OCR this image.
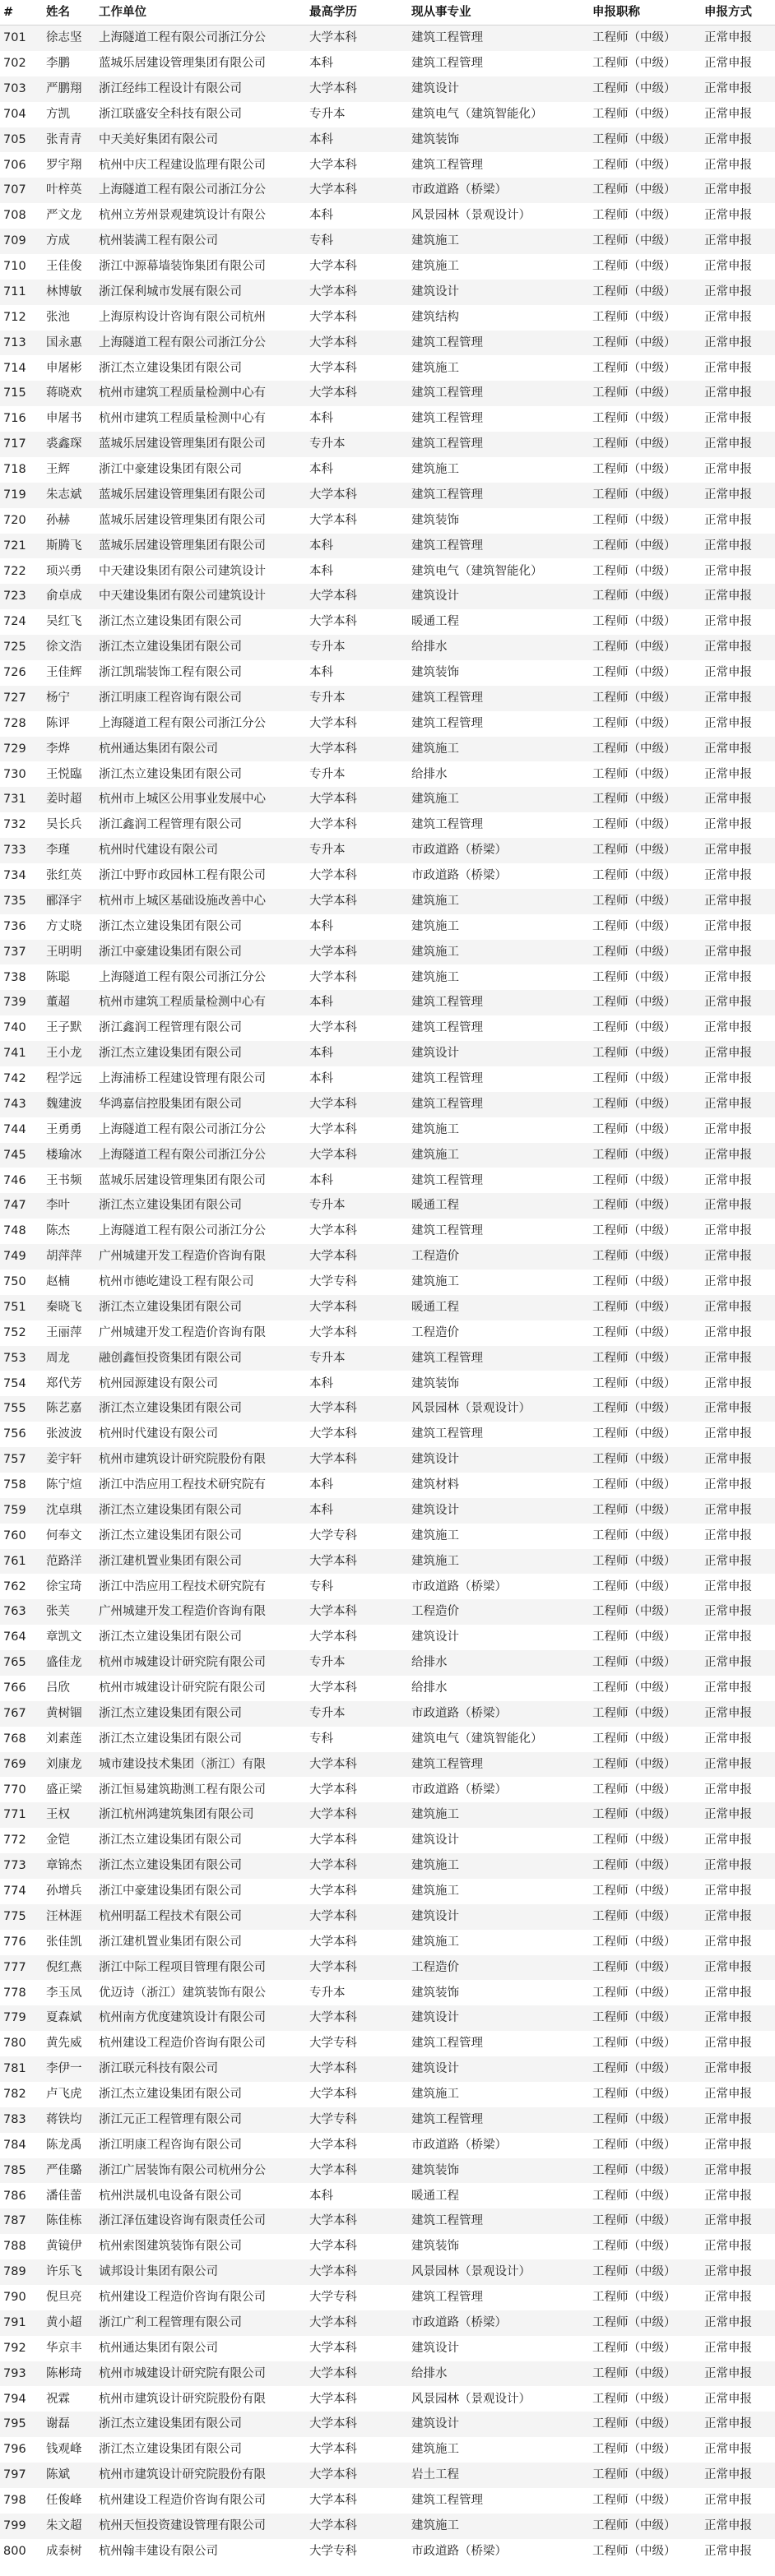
#	姓名	工作单位	最高学历	现从事专业	申报职称	申报方式
701	徐志坚	上海隧道工程有限公司浙江分公	大学本科	建筑工程管理	工程师（中级）	正常申报
702	李鹏	蓝城乐居建设管理集团有限公司	本科	建筑工程管理	工程师（中级）	正常申报
703	严鹏翔	浙江经纬工程设计有限公司	大学本科	建筑设计	工程师（中级）	正常申报
704	方凯	浙江联盛安全科技有限公司	专升本	建筑电气（建筑智能化）	工程师（中级）	正常申报
705	张青青	中天美好集团有限公司	本科	建筑装饰	工程师（中级）	正常申报
706	罗宇翔	杭州中庆工程建设监理有限公司	大学本科	建筑工程管理	工程师（中级）	正常申报
707	叶梓英	上海隧道工程有限公司浙江分公	大学本科	市政道路（桥梁）	工程师（中级）	正常申报
708	严文龙	杭州立芳州景观建筑设计有限公	本科	风景园林（景观设计）	工程师（中级）	正常申报
709	方成	杭州装满工程有限公司	专科	建筑施工	工程师（中级）	正常申报
710	王佳俊	浙江中源幕墙装饰集团有限公司	大学本科	建筑施工	工程师（中级）	正常申报
711	林博敏	浙江保利城市发展有限公司	大学本科	建筑设计	工程师（中级）	正常申报
712	张池	上海原构设计咨询有限公司杭州	大学本科	建筑结构	工程师（中级）	正常申报
713	国永惠	上海隧道工程有限公司浙江分公	大学本科	建筑工程管理	工程师（中级）	正常申报
714	申屠彬	浙江杰立建设集团有限公司	大学本科	建筑施工	工程师（中级）	正常申报
715	蒋晓欢	杭州市建筑工程质量检测中心有	大学本科	建筑工程管理	工程师（中级）	正常申报
716	申屠书	杭州市建筑工程质量检测中心有	本科	建筑工程管理	工程师（中级）	正常申报
717	裘鑫琛	蓝城乐居建设管理集团有限公司	专升本	建筑工程管理	工程师（中级）	正常申报
718	王辉	浙江中豪建设集团有限公司	本科	建筑施工	工程师（中级）	正常申报
719	朱志斌	蓝城乐居建设管理集团有限公司	大学本科	建筑工程管理	工程师（中级）	正常申报
720	孙赫	蓝城乐居建设管理集团有限公司	大学本科	建筑装饰	工程师（中级）	正常申报
721	斯腾飞	蓝城乐居建设管理集团有限公司	本科	建筑工程管理	工程师（中级）	正常申报
722	顼兴勇	中天建设集团有限公司建筑设计	本科	建筑电气（建筑智能化）	工程师（中级）	正常申报
723	俞卓成	中天建设集团有限公司建筑设计	大学本科	建筑设计	工程师（中级）	正常申报
724	吴红飞	浙江杰立建设集团有限公司	大学本科	暖通工程	工程师（中级）	正常申报
725	徐文浩	浙江杰立建设集团有限公司	专升本	给排水	工程师（中级）	正常申报
726	王佳辉	浙江凯瑞装饰工程有限公司	本科	建筑装饰	工程师（中级）	正常申报
727	杨宁	浙江明康工程咨询有限公司	专升本	建筑工程管理	工程师（中级）	正常申报
728	陈评	上海隧道工程有限公司浙江分公	大学本科	建筑工程管理	工程师（中级）	正常申报
729	李烨	杭州通达集团有限公司	大学本科	建筑施工	工程师（中级）	正常申报
730	王悦臨	浙江杰立建设集团有限公司	专升本	给排水	工程师（中级）	正常申报
731	姜时超	杭州市上城区公用事业发展中心	大学本科	建筑施工	工程师（中级）	正常申报
732	吴长兵	浙江鑫润工程管理有限公司	大学本科	建筑工程管理	工程师（中级）	正常申报
733	李瑾	杭州时代建设有限公司	专升本	市政道路（桥梁）	工程师（中级）	正常申报
734	张红英	浙江中野市政园林工程有限公司	大学本科	市政道路（桥梁）	工程师（中级）	正常申报
735	郦泽宇	杭州市上城区基础设施改善中心	大学本科	建筑施工	工程师（中级）	正常申报
736	方丈晓	浙江杰立建设集团有限公司	本科	建筑施工	工程师（中级）	正常申报
737	王明明	浙江中豪建设集团有限公司	大学本科	建筑施工	工程师（中级）	正常申报
738	陈聪	上海隧道工程有限公司浙江分公	大学本科	建筑施工	工程师（中级）	正常申报
739	董超	杭州市建筑工程质量检测中心有	本科	建筑工程管理	工程师（中级）	正常申报
740	王子默	浙江鑫润工程管理有限公司	大学本科	建筑工程管理	工程师（中级）	正常申报
741	王小龙	浙江杰立建设集团有限公司	本科	建筑设计	工程师（中级）	正常申报
742	程学远	上海浦桥工程建设管理有限公司	本科	建筑工程管理	工程师（中级）	正常申报
743	魏建波	华鸿嘉信控股集团有限公司	大学本科	建筑工程管理	工程师（中级）	正常申报
744	王勇勇	上海隧道工程有限公司浙江分公	大学本科	建筑施工	工程师（中级）	正常申报
745	楼瑜冰	上海隧道工程有限公司浙江分公	大学本科	建筑施工	工程师（中级）	正常申报
746	王书频	蓝城乐居建设管理集团有限公司	本科	建筑工程管理	工程师（中级）	正常申报
747	李叶	浙江杰立建设集团有限公司	专升本	暖通工程	工程师（中级）	正常申报
748	陈杰	上海隧道工程有限公司浙江分公	大学本科	建筑工程管理	工程师（中级）	正常申报
749	胡萍萍	广州城建开发工程造价咨询有限	大学本科	工程造价	工程师（中级）	正常申报
750	赵楠	杭州市德屹建设工程有限公司	大学专科	建筑施工	工程师（中级）	正常申报
751	秦晓飞	浙江杰立建设集团有限公司	大学本科	暖通工程	工程师（中级）	正常申报
752	王丽萍	广州城建开发工程造价咨询有限	大学本科	工程造价	工程师（中级）	正常申报
753	周龙	融创鑫恒投资集团有限公司	专升本	建筑工程管理	工程师（中级）	正常申报
754	郑代芳	杭州园源建设有限公司	本科	建筑装饰	工程师（中级）	正常申报
755	陈艺嘉	浙江杰立建设集团有限公司	大学本科	风景园林（景观设计）	工程师（中级）	正常申报
756	张波波	杭州时代建设有限公司	大学本科	建筑工程管理	工程师（中级）	正常申报
757	姜宇轩	杭州市建筑设计研究院股份有限	大学本科	建筑设计	工程师（中级）	正常申报
758	陈宁煊	浙江中浩应用工程技术研究院有	本科	建筑材料	工程师（中级）	正常申报
759	沈卓琪	浙江杰立建设集团有限公司	本科	建筑设计	工程师（中级）	正常申报
760	何奉文	浙江杰立建设集团有限公司	大学专科	建筑施工	工程师（中级）	正常申报
761	范路洋	浙江建机置业集团有限公司	大学本科	建筑施工	工程师（中级）	正常申报
762	徐宝琦	浙江中浩应用工程技术研究院有	专科	市政道路（桥梁）	工程师（中级）	正常申报
763	张芙	广州城建开发工程造价咨询有限	大学本科	工程造价	工程师（中级）	正常申报
764	章凯文	浙江杰立建设集团有限公司	大学本科	建筑设计	工程师（中级）	正常申报
765	盛佳龙	杭州市城建设计研究院有限公司	专升本	给排水	工程师（中级）	正常申报
766	吕欣	杭州市城建设计研究院有限公司	大学本科	给排水	工程师（中级）	正常申报
767	黄树锢	浙江杰立建设集团有限公司	专升本	市政道路（桥梁）	工程师（中级）	正常申报
768	刘素莲	浙江杰立建设集团有限公司	专科	建筑电气（建筑智能化）	工程师（中级）	正常申报
769	刘康龙	城市建设技术集团（浙江）有限	大学本科	建筑工程管理	工程师（中级）	正常申报
770	盛正梁	浙江恒易建筑勘测工程有限公司	大学本科	市政道路（桥梁）	工程师（中级）	正常申报
771	王权	浙江杭州鸿建筑集团有限公司	大学本科	建筑施工	工程师（中级）	正常申报
772	金铠	浙江杰立建设集团有限公司	大学本科	建筑设计	工程师（中级）	正常申报
773	章锦杰	浙江杰立建设集团有限公司	大学本科	建筑施工	工程师（中级）	正常申报
774	孙增兵	浙江中豪建设集团有限公司	大学本科	建筑施工	工程师（中级）	正常申报
775	汪林涯	杭州明磊工程技术有限公司	大学本科	建筑设计	工程师（中级）	正常申报
776	张佳凯	浙江建机置业集团有限公司	大学本科	建筑施工	工程师（中级）	正常申报
777	倪红燕	浙江中际工程项目管理有限公司	大学本科	工程造价	工程师（中级）	正常申报
778	李玉凤	优迈诗（浙江）建筑装饰有限公	专升本	建筑装饰	工程师（中级）	正常申报
779	夏森斌	杭州南方优度建筑设计有限公司	大学本科	建筑设计	工程师（中级）	正常申报
780	黄先威	杭州建设工程造价咨询有限公司	大学专科	建筑工程管理	工程师（中级）	正常申报
781	李伊一	浙江联元科技有限公司	大学本科	建筑设计	工程师（中级）	正常申报
782	卢飞虎	浙江杰立建设集团有限公司	大学本科	建筑施工	工程师（中级）	正常申报
783	蒋铁均	浙江元正工程管理有限公司	大学专科	建筑工程管理	工程师（中级）	正常申报
784	陈龙禹	浙江明康工程咨询有限公司	大学本科	市政道路（桥梁）	工程师（中级）	正常申报
785	严佳璐	浙江广居装饰有限公司杭州分公	大学本科	建筑装饰	工程师（中级）	正常申报
786	潘佳蕾	杭州洪晟机电设备有限公司	本科	暖通工程	工程师（中级）	正常申报
787	陈佳栋	浙江泽伍建设咨询有限责任公司	大学本科	建筑工程管理	工程师（中级）	正常申报
788	黄镜伊	杭州索图建筑装饰有限公司	大学本科	建筑装饰	工程师（中级）	正常申报
789	许乐飞	诚邦设计集团有限公司	大学本科	风景园林（景观设计）	工程师（中级）	正常申报
790	倪旦亮	杭州建设工程造价咨询有限公司	大学专科	建筑工程管理	工程师（中级）	正常申报
791	黄小超	浙江广利工程管理有限公司	大学本科	市政道路（桥梁）	工程师（中级）	正常申报
792	华京丰	杭州通达集团有限公司	大学本科	建筑设计	工程师（中级）	正常申报
793	陈彬琦	杭州市城建设计研究院有限公司	大学本科	给排水	工程师（中级）	正常申报
794	祝霖	杭州市建筑设计研究院股份有限	大学本科	风景园林（景观设计）	工程师（中级）	正常申报
795	谢磊	浙江杰立建设集团有限公司	大学本科	建筑设计	工程师（中级）	正常申报
796	钱观峰	浙江杰立建设集团有限公司	大学本科	建筑施工	工程师（中级）	正常申报
797	陈斌	杭州市建筑设计研究院股份有限	大学本科	岩土工程	工程师（中级）	正常申报
798	任俊峰	杭州建设工程造价咨询有限公司	大学本科	建筑工程管理	工程师（中级）	正常申报
799	朱文超	杭州天恒投资建设管理有限公司	大学本科	建筑施工	工程师（中级）	正常申报
800	成泰树	杭州翰丰建设有限公司	大学专科	市政道路（桥梁）	工程师（中级）	正常申报
